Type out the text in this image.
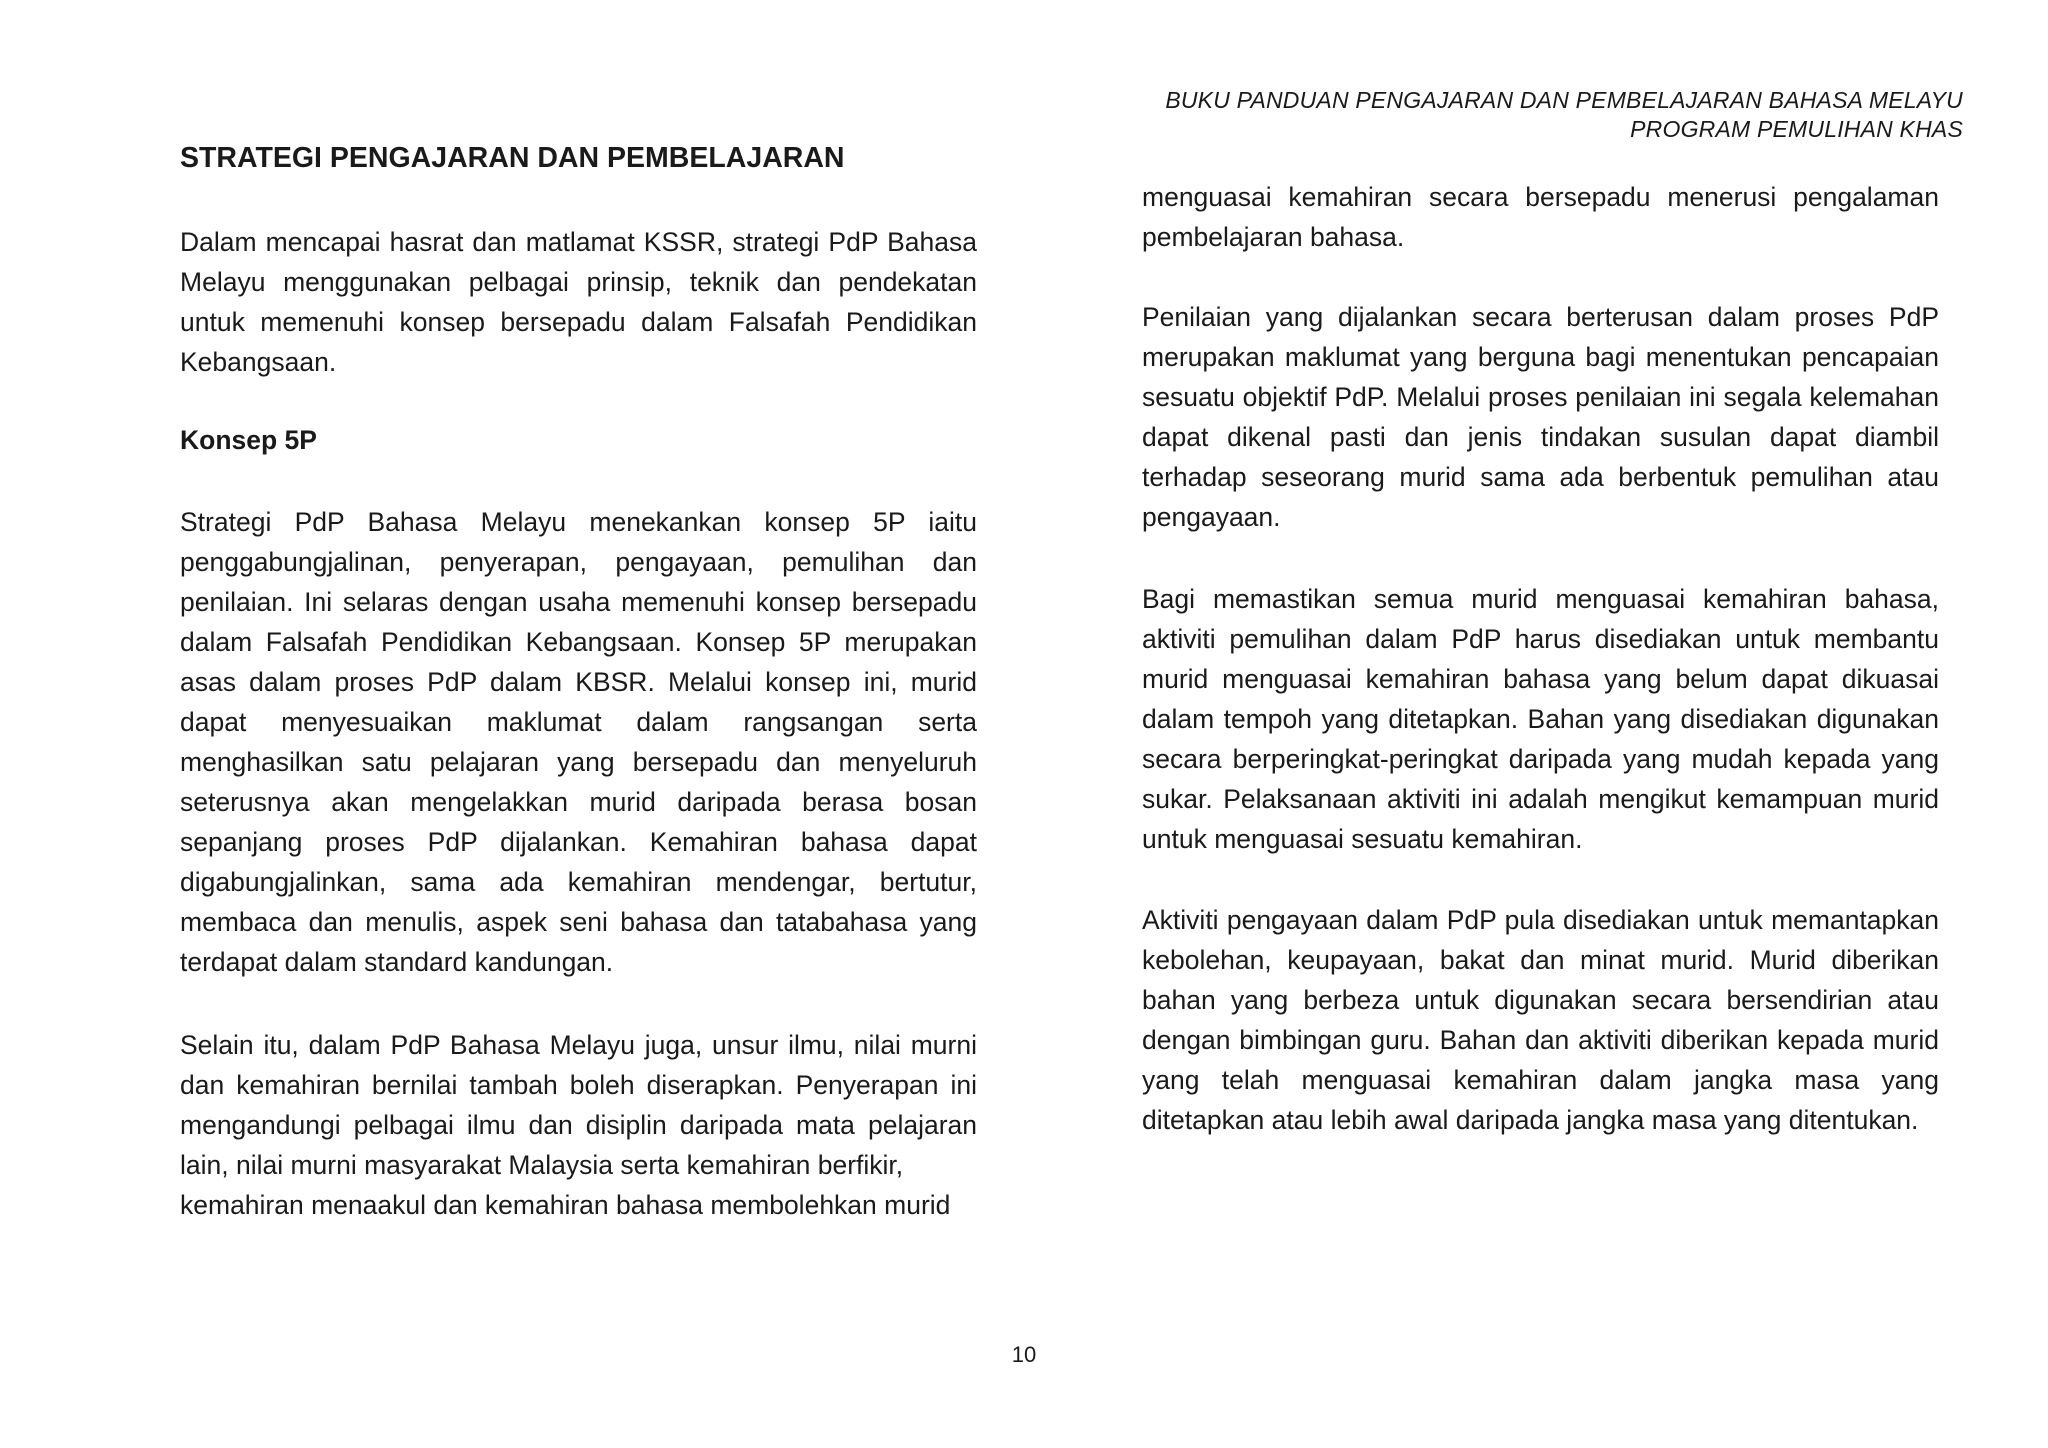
BUKU PANDUAN PENGAJARAN DAN PEMBELAJARAN BAHASA MELAYU
PROGRAM PEMULIHAN KHAS
STRATEGI PENGAJARAN DAN PEMBELAJARAN

Dalam mencapai hasrat dan matlamat KSSR, strategi PdP Bahasa Melayu menggunakan pelbagai prinsip, teknik dan pendekatan untuk memenuhi konsep bersepadu dalam Falsafah Pendidikan Kebangsaan.

Konsep 5P

Strategi PdP Bahasa Melayu menekankan konsep 5P iaitu penggabungjalinan, penyerapan, pengayaan, pemulihan dan penilaian. Ini selaras dengan usaha memenuhi konsep bersepadu dalam Falsafah Pendidikan Kebangsaan. Konsep 5P merupakan asas dalam proses PdP dalam KBSR. Melalui konsep ini, murid dapat menyesuaikan maklumat dalam rangsangan serta menghasilkan satu pelajaran yang bersepadu dan menyeluruh seterusnya akan mengelakkan murid daripada berasa bosan sepanjang proses PdP dijalankan. Kemahiran bahasa dapat digabungjalinkan, sama ada kemahiran mendengar, bertutur, membaca dan menulis, aspek seni bahasa dan tatabahasa yang terdapat dalam standard kandungan.

Selain itu, dalam PdP Bahasa Melayu juga, unsur ilmu, nilai murni dan kemahiran bernilai tambah boleh diserapkan. Penyerapan ini mengandungi pelbagai ilmu dan disiplin daripada mata pelajaran lain, nilai murni masyarakat Malaysia serta kemahiran berfikir,

kemahiran menaakul dan kemahiran bahasa membolehkan murid

menguasai kemahiran secara bersepadu menerusi pengalaman pembelajaran bahasa.

Penilaian yang dijalankan secara berterusan dalam proses PdP merupakan maklumat yang berguna bagi menentukan pencapaian sesuatu objektif PdP. Melalui proses penilaian ini segala kelemahan dapat dikenal pasti dan jenis tindakan susulan dapat diambil terhadap seseorang murid sama ada berbentuk pemulihan atau pengayaan.

Bagi memastikan semua murid menguasai kemahiran bahasa, aktiviti pemulihan dalam PdP harus disediakan untuk membantu murid menguasai kemahiran bahasa yang belum dapat dikuasai dalam tempoh yang ditetapkan. Bahan yang disediakan digunakan secara berperingkat-peringkat daripada yang mudah kepada yang sukar. Pelaksanaan aktiviti ini adalah mengikut kemampuan murid untuk menguasai sesuatu kemahiran.

Aktiviti pengayaan dalam PdP pula disediakan untuk memantapkan kebolehan, keupayaan, bakat dan minat murid. Murid diberikan bahan yang berbeza untuk digunakan secara bersendirian atau dengan bimbingan guru. Bahan dan aktiviti diberikan kepada murid yang telah menguasai kemahiran dalam jangka masa yang ditetapkan atau lebih awal daripada jangka masa yang ditentukan.

10
